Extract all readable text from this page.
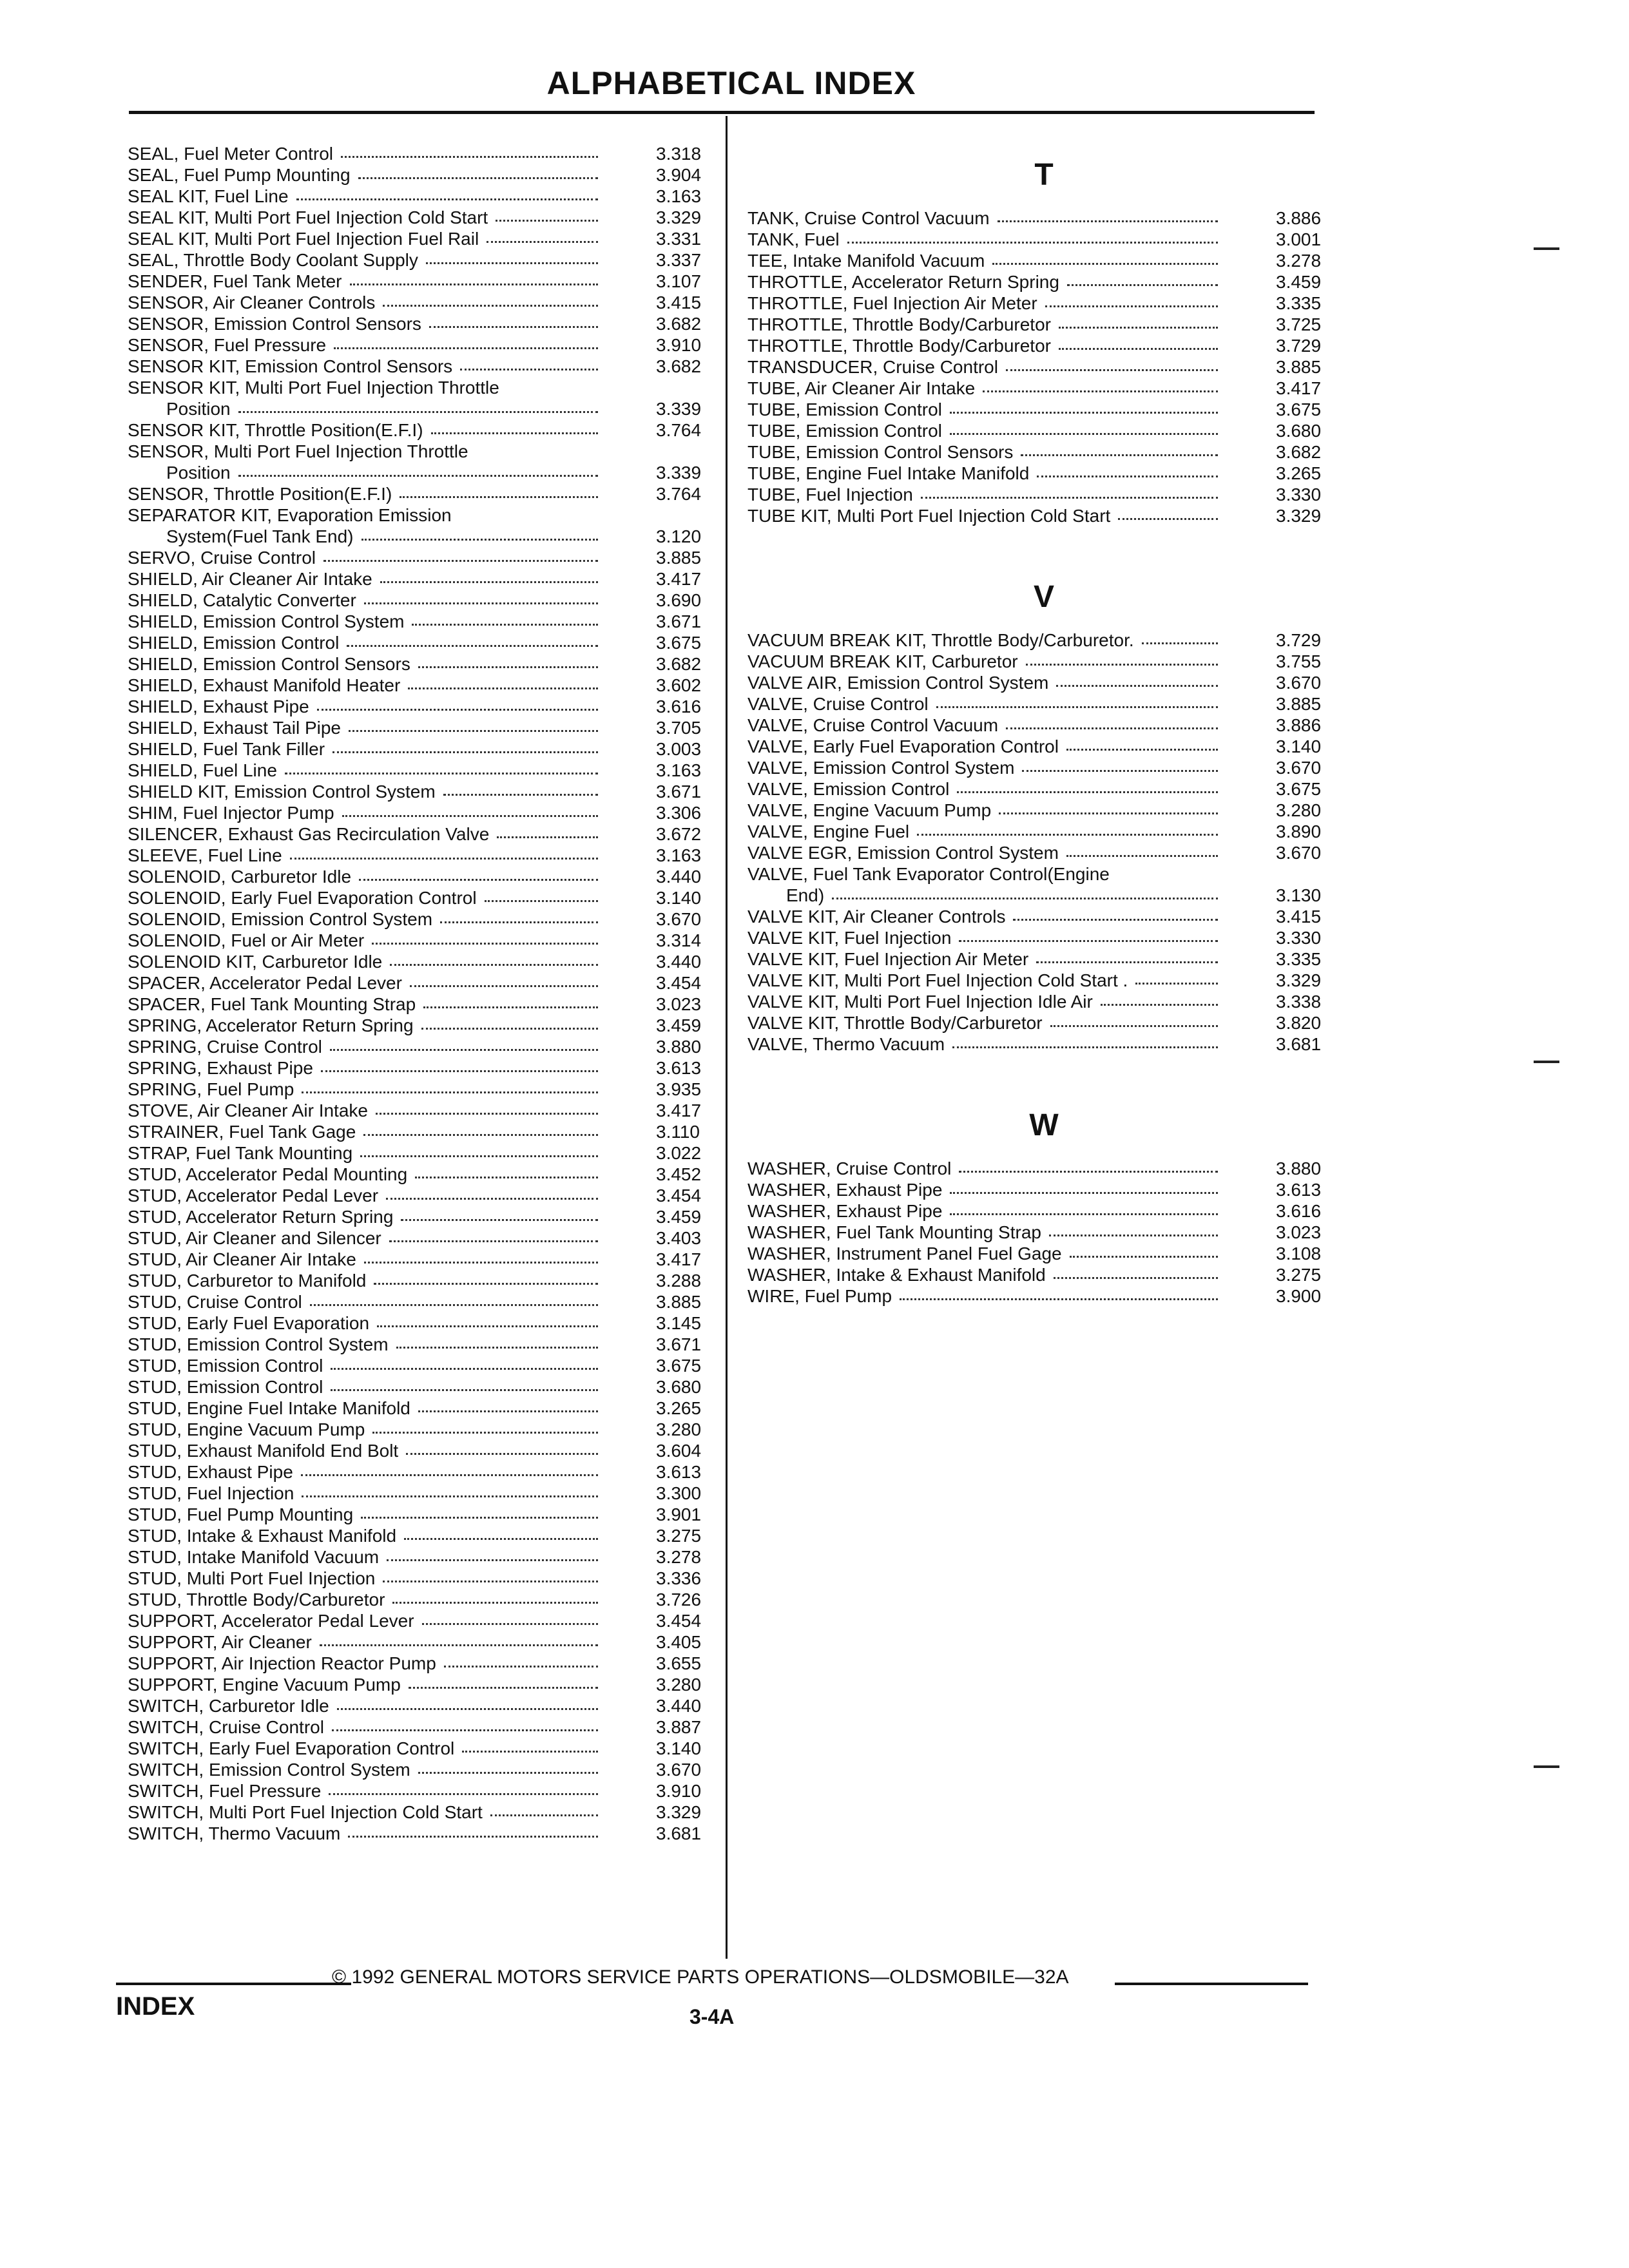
ALPHABETICAL INDEX
SEAL, Fuel Meter Control	3.318
SEAL, Fuel Pump Mounting	3.904
SEAL KIT, Fuel Line	3.163
SEAL KIT, Multi Port Fuel Injection Cold Start	3.329
SEAL KIT, Multi Port Fuel Injection Fuel Rail	3.331
SEAL, Throttle Body Coolant Supply	3.337
SENDER, Fuel Tank Meter	3.107
SENSOR, Air Cleaner Controls	3.415
SENSOR, Emission Control Sensors	3.682
SENSOR, Fuel Pressure	3.910
SENSOR KIT, Emission Control Sensors	3.682
SENSOR KIT, Multi Port Fuel Injection Throttle
Position	3.339
SENSOR KIT, Throttle Position(E.F.I)	3.764
SENSOR, Multi Port Fuel Injection Throttle
Position	3.339
SENSOR, Throttle Position(E.F.I)	3.764
SEPARATOR KIT, Evaporation Emission
System(Fuel Tank End)	3.120
SERVO, Cruise Control	3.885
SHIELD, Air Cleaner Air Intake	3.417
SHIELD, Catalytic Converter	3.690
SHIELD, Emission Control System	3.671
SHIELD, Emission Control	3.675
SHIELD, Emission Control Sensors	3.682
SHIELD, Exhaust Manifold Heater	3.602
SHIELD, Exhaust Pipe	3.616
SHIELD, Exhaust Tail Pipe	3.705
SHIELD, Fuel Tank Filler	3.003
SHIELD, Fuel Line	3.163
SHIELD KIT, Emission Control System	3.671
SHIM, Fuel Injector Pump	3.306
SILENCER, Exhaust Gas Recirculation Valve	3.672
SLEEVE, Fuel Line	3.163
SOLENOID, Carburetor Idle	3.440
SOLENOID, Early Fuel Evaporation Control	3.140
SOLENOID, Emission Control System	3.670
SOLENOID, Fuel or Air Meter	3.314
SOLENOID KIT, Carburetor Idle	3.440
SPACER, Accelerator Pedal Lever	3.454
SPACER, Fuel Tank Mounting Strap	3.023
SPRING, Accelerator Return Spring	3.459
SPRING, Cruise Control	3.880
SPRING, Exhaust Pipe	3.613
SPRING, Fuel Pump	3.935
STOVE, Air Cleaner Air Intake	3.417
STRAINER, Fuel Tank Gage	3.110
STRAP, Fuel Tank Mounting	3.022
STUD, Accelerator Pedal Mounting	3.452
STUD, Accelerator Pedal Lever	3.454
STUD, Accelerator Return Spring	3.459
STUD, Air Cleaner and Silencer	3.403
STUD, Air Cleaner Air Intake	3.417
STUD, Carburetor to Manifold	3.288
STUD, Cruise Control	3.885
STUD, Early Fuel Evaporation	3.145
STUD, Emission Control System	3.671
STUD, Emission Control	3.675
STUD, Emission Control	3.680
STUD, Engine Fuel Intake Manifold	3.265
STUD, Engine Vacuum Pump	3.280
STUD, Exhaust Manifold End Bolt	3.604
STUD, Exhaust Pipe	3.613
STUD, Fuel Injection	3.300
STUD, Fuel Pump Mounting	3.901
STUD, Intake & Exhaust Manifold	3.275
STUD, Intake Manifold Vacuum	3.278
STUD, Multi Port Fuel Injection	3.336
STUD, Throttle Body/Carburetor	3.726
SUPPORT, Accelerator Pedal Lever	3.454
SUPPORT, Air Cleaner	3.405
SUPPORT, Air Injection Reactor Pump	3.655
SUPPORT, Engine Vacuum Pump	3.280
SWITCH, Carburetor Idle	3.440
SWITCH, Cruise Control	3.887
SWITCH, Early Fuel Evaporation Control	3.140
SWITCH, Emission Control System	3.670
SWITCH, Fuel Pressure	3.910
SWITCH, Multi Port Fuel Injection Cold Start	3.329
SWITCH, Thermo Vacuum	3.681
T
TANK, Cruise Control Vacuum	3.886
TANK, Fuel	3.001
TEE, Intake Manifold Vacuum	3.278
THROTTLE, Accelerator Return Spring	3.459
THROTTLE, Fuel Injection Air Meter	3.335
THROTTLE, Throttle Body/Carburetor	3.725
THROTTLE, Throttle Body/Carburetor	3.729
TRANSDUCER, Cruise Control	3.885
TUBE, Air Cleaner Air Intake	3.417
TUBE, Emission Control	3.675
TUBE, Emission Control	3.680
TUBE, Emission Control Sensors	3.682
TUBE, Engine Fuel Intake Manifold	3.265
TUBE, Fuel Injection	3.330
TUBE KIT, Multi Port Fuel Injection Cold Start	3.329
V
VACUUM BREAK KIT, Throttle Body/Carburetor.	3.729
VACUUM BREAK KIT, Carburetor	3.755
VALVE AIR, Emission Control System	3.670
VALVE, Cruise Control	3.885
VALVE, Cruise Control Vacuum	3.886
VALVE, Early Fuel Evaporation Control	3.140
VALVE, Emission Control System	3.670
VALVE, Emission Control	3.675
VALVE, Engine Vacuum Pump	3.280
VALVE, Engine Fuel	3.890
VALVE EGR, Emission Control System	3.670
VALVE, Fuel Tank Evaporator Control(Engine
End)	3.130
VALVE KIT, Air Cleaner Controls	3.415
VALVE KIT, Fuel Injection	3.330
VALVE KIT, Fuel Injection Air Meter	3.335
VALVE KIT, Multi Port Fuel Injection Cold Start .	3.329
VALVE KIT, Multi Port Fuel Injection Idle Air	3.338
VALVE KIT, Throttle Body/Carburetor	3.820
VALVE, Thermo Vacuum	3.681
W
WASHER, Cruise Control	3.880
WASHER, Exhaust Pipe	3.613
WASHER, Exhaust Pipe	3.616
WASHER, Fuel Tank Mounting Strap	3.023
WASHER, Instrument Panel Fuel Gage	3.108
WASHER, Intake & Exhaust Manifold	3.275
WIRE, Fuel Pump	3.900
© 1992 GENERAL MOTORS SERVICE PARTS OPERATIONS—OLDSMOBILE—32A
INDEX	3-4A
